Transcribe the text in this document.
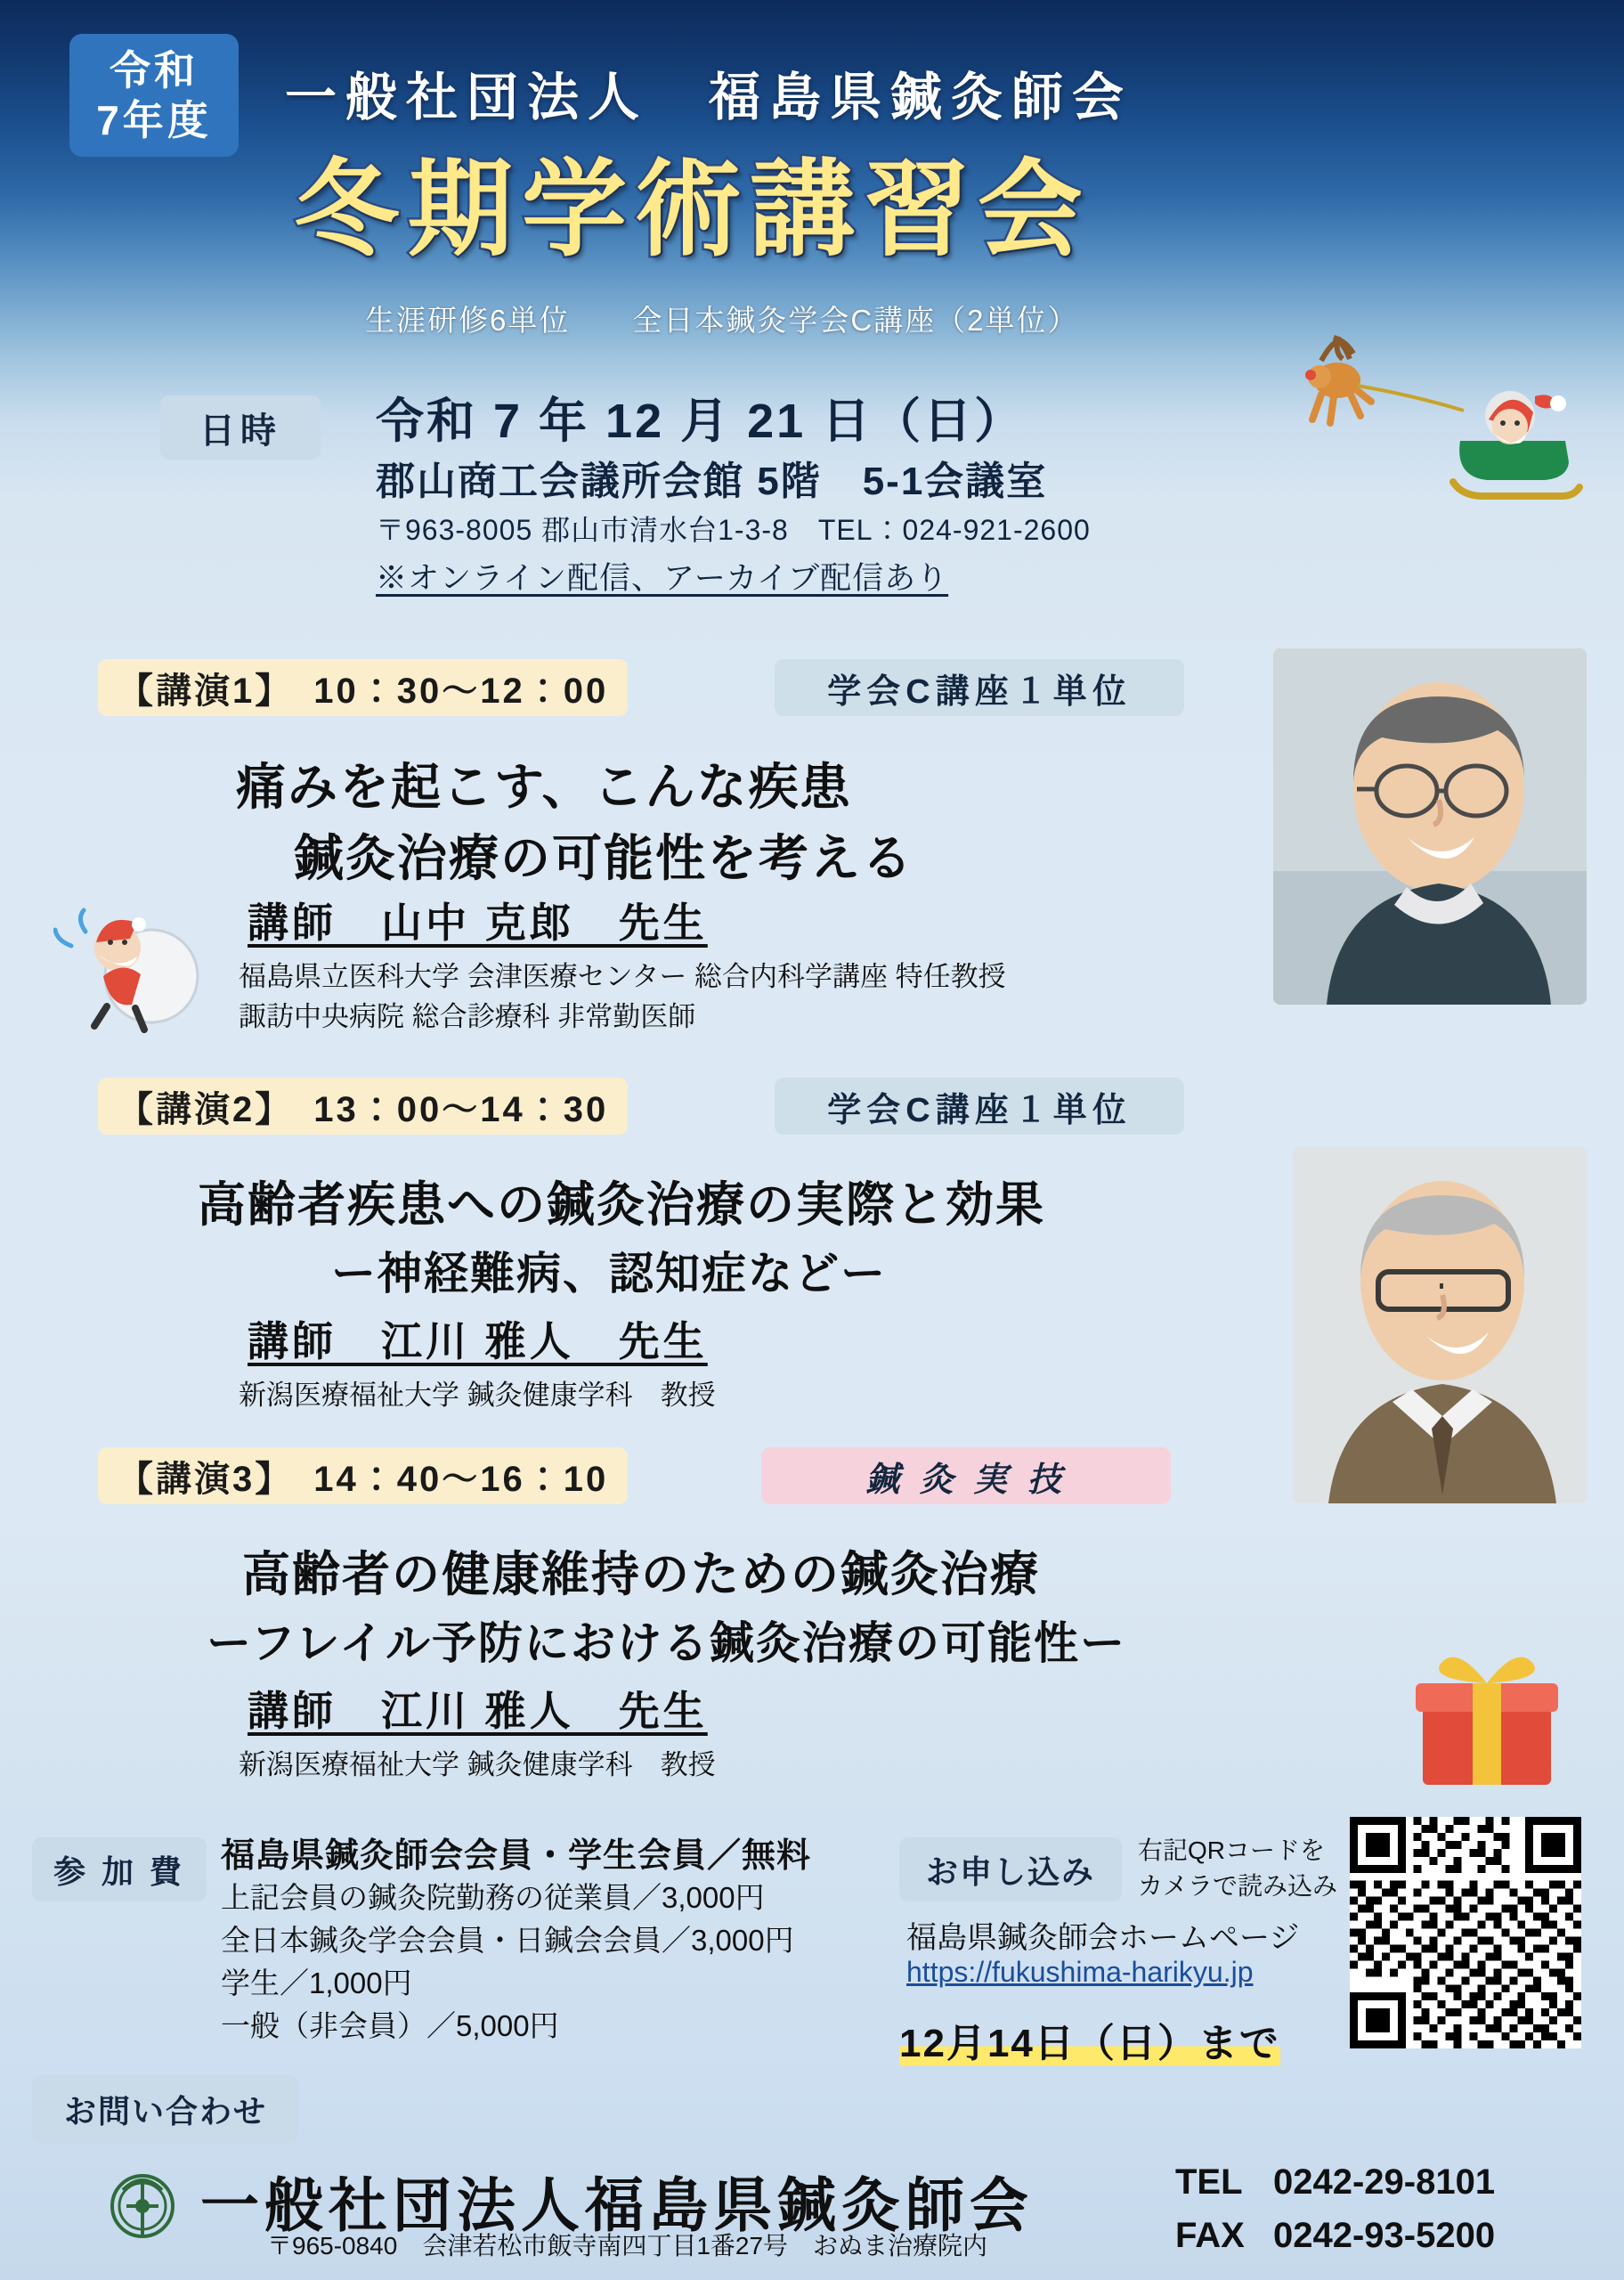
令和
7年度 一般社団法人　福島県鍼灸師会
冬期学術講習会
生涯研修6単位　　全日本鍼灸学会C講座（2単位）
日時	令和 7 年 12 月 21 日（日）
郡山商工会議所会館 5階　5-1会議室
〒963-8005 郡山市清水台1-3-8　TEL：024-921-2600
※オンライン配信、アーカイブ配信あり
【講演1】　10：30〜12：00	学会C講座１単位
痛みを起こす、こんな疾患
鍼灸治療の可能性を考える
講師　山中 克郎　先生
福島県立医科大学 会津医療センター 総合内科学講座 特任教授
諏訪中央病院 総合診療科 非常勤医師
【講演2】　13：00〜14：30	学会C講座１単位
高齢者疾患への鍼灸治療の実際と効果
ー神経難病、認知症などー
講師　江川 雅人　先生
新潟医療福祉大学 鍼灸健康学科　教授
【講演3】　14：40〜16：10	鍼 灸 実 技
高齢者の健康維持のための鍼灸治療
ーフレイル予防における鍼灸治療の可能性ー
講師　江川 雅人　先生
新潟医療福祉大学 鍼灸健康学科　教授
参 加 費	福島県鍼灸師会会員・学生会員／無料
上記会員の鍼灸院勤務の従業員／3,000円
全日本鍼灸学会会員・日鍼会会員／3,000円
学生／1,000円
一般（非会員）／5,000円
お申し込み
右記QRコードを
カメラで読み込み
福島県鍼灸師会ホームページ
https://fukushima-harikyu.jp
12月14日（日）まで
お問い合わせ
一般社団法人福島県鍼灸師会
〒965-0840　会津若松市飯寺南四丁目1番27号　おぬま治療院内
TEL 0242-29-8101
FAX 0242-93-5200
